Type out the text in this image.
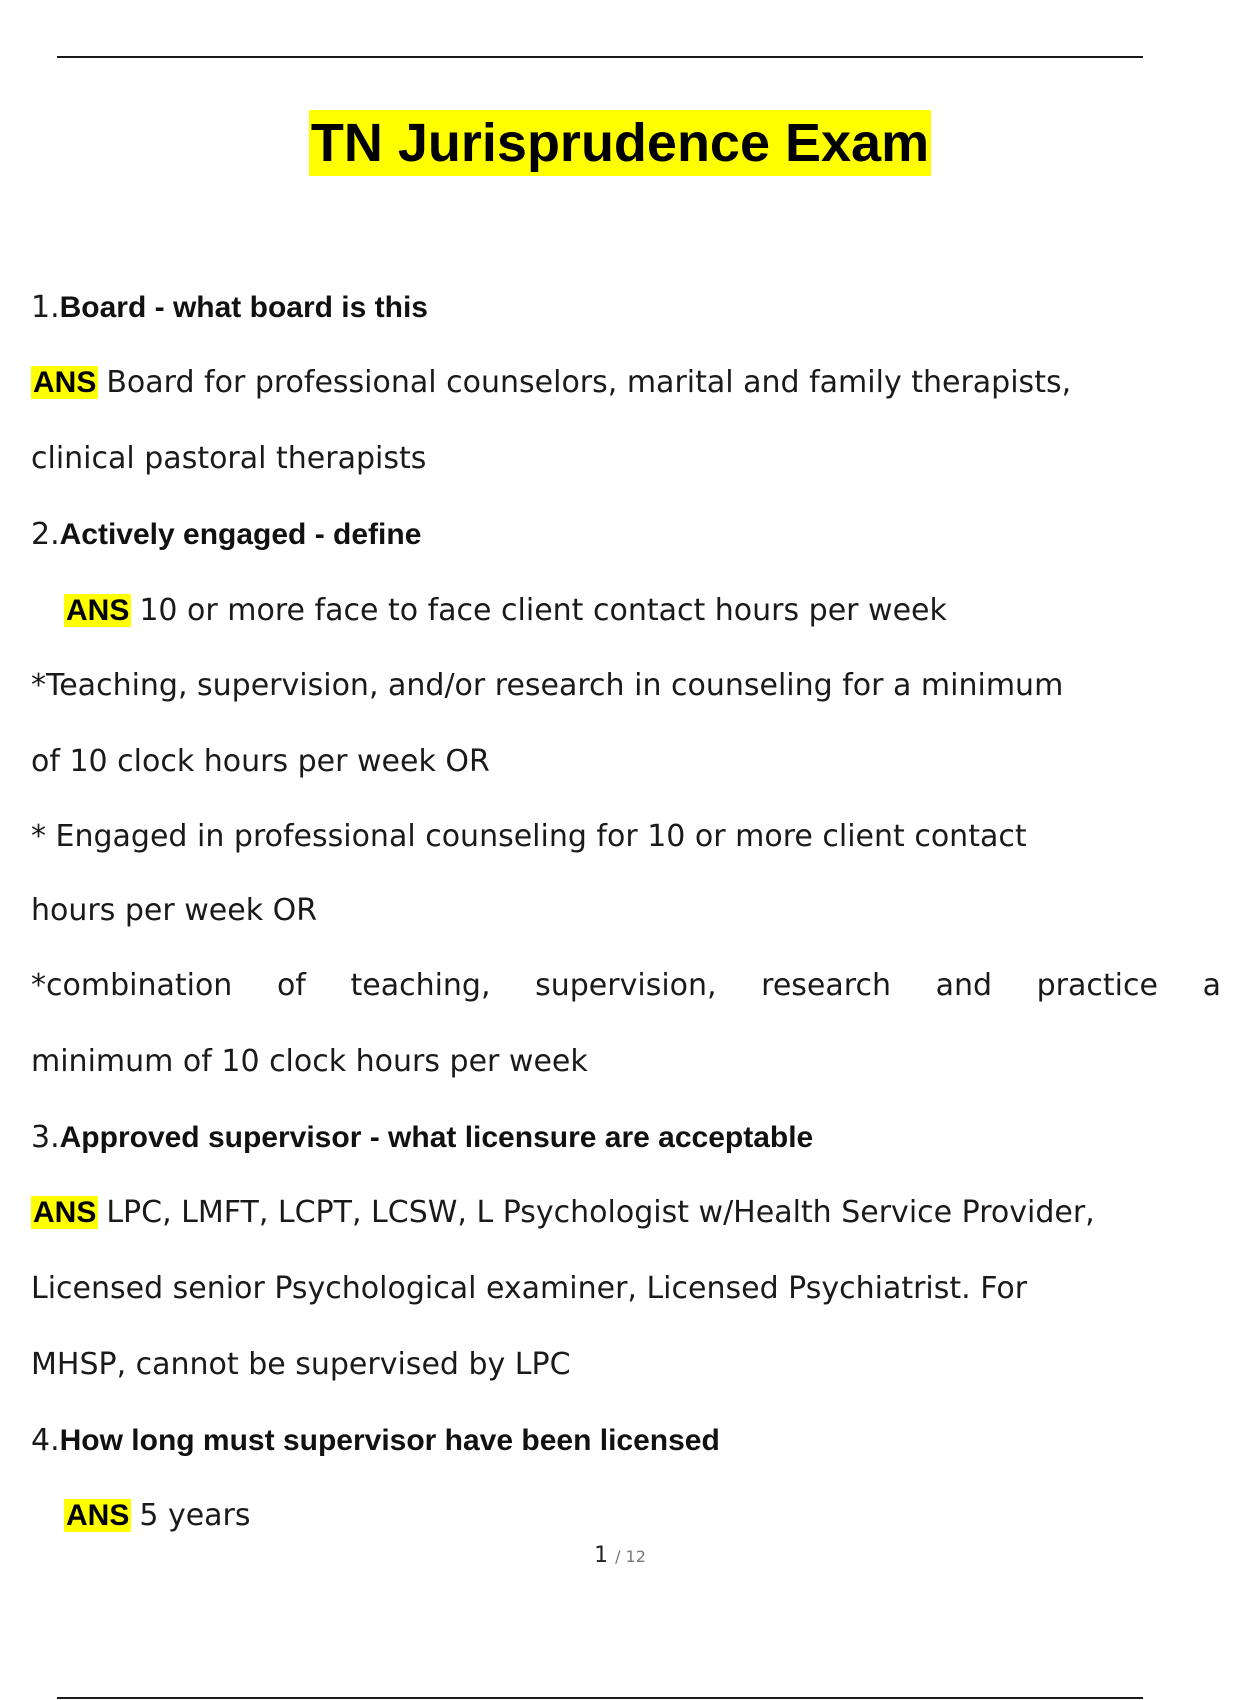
TN Jurisprudence Exam
1.Board - what board is this
ANS Board for professional counselors, marital and family therapists,
clinical pastoral therapists
2.Actively engaged - define
ANS 10 or more face to face client contact hours per week
*Teaching, supervision, and/or research in counseling for a minimum
of 10 clock hours per week OR
* Engaged in professional counseling for 10 or more client contact
hours per week OR
*combination of teaching, supervision, research and practice a
minimum of 10 clock hours per week
3.Approved supervisor - what licensure are acceptable
ANS LPC, LMFT, LCPT, LCSW, L Psychologist w/Health Service Provider,
Licensed senior Psychological examiner, Licensed Psychiatrist. For
MHSP, cannot be supervised by LPC
4.How long must supervisor have been licensed
ANS 5 years
1 / 12
